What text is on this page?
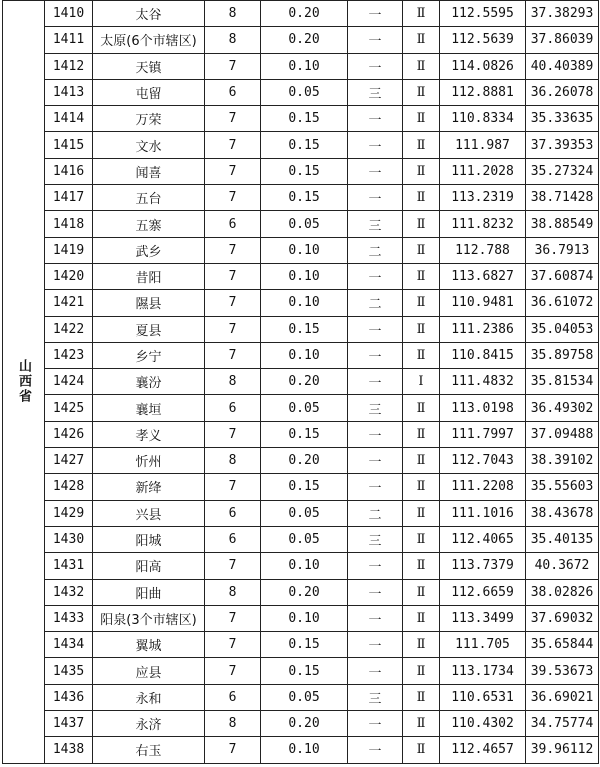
山西省	1410	太谷	8	0.20	一	Ⅱ	112.5595	37.38293
	1411	太原(6个市辖区)	8	0.20	一	Ⅱ	112.5639	37.86039
	1412	天镇	7	0.10	一	Ⅱ	114.0826	40.40389
	1413	屯留	6	0.05	三	Ⅱ	112.8881	36.26078
	1414	万荣	7	0.15	一	Ⅱ	110.8334	35.33635
	1415	文水	7	0.15	一	Ⅱ	111.987	37.39353
	1416	闻喜	7	0.15	一	Ⅱ	111.2028	35.27324
	1417	五台	7	0.15	一	Ⅱ	113.2319	38.71428
	1418	五寨	6	0.05	三	Ⅱ	111.8232	38.88549
	1419	武乡	7	0.10	二	Ⅱ	112.788	36.7913
	1420	昔阳	7	0.10	一	Ⅱ	113.6827	37.60874
	1421	隰县	7	0.10	二	Ⅱ	110.9481	36.61072
	1422	夏县	7	0.15	一	Ⅱ	111.2386	35.04053
	1423	乡宁	7	0.10	一	Ⅱ	110.8415	35.89758
	1424	襄汾	8	0.20	一	Ⅰ	111.4832	35.81534
	1425	襄垣	6	0.05	三	Ⅱ	113.0198	36.49302
	1426	孝义	7	0.15	一	Ⅱ	111.7997	37.09488
	1427	忻州	8	0.20	一	Ⅱ	112.7043	38.39102
	1428	新绛	7	0.15	一	Ⅱ	111.2208	35.55603
	1429	兴县	6	0.05	二	Ⅱ	111.1016	38.43678
	1430	阳城	6	0.05	三	Ⅱ	112.4065	35.40135
	1431	阳高	7	0.10	一	Ⅱ	113.7379	40.3672
	1432	阳曲	8	0.20	一	Ⅱ	112.6659	38.02826
	1433	阳泉(3个市辖区)	7	0.10	一	Ⅱ	113.3499	37.69032
	1434	翼城	7	0.15	一	Ⅱ	111.705	35.65844
	1435	应县	7	0.15	一	Ⅱ	113.1734	39.53673
	1436	永和	6	0.05	三	Ⅱ	110.6531	36.69021
	1437	永济	8	0.20	一	Ⅱ	110.4302	34.75774
	1438	右玉	7	0.10	一	Ⅱ	112.4657	39.96112
